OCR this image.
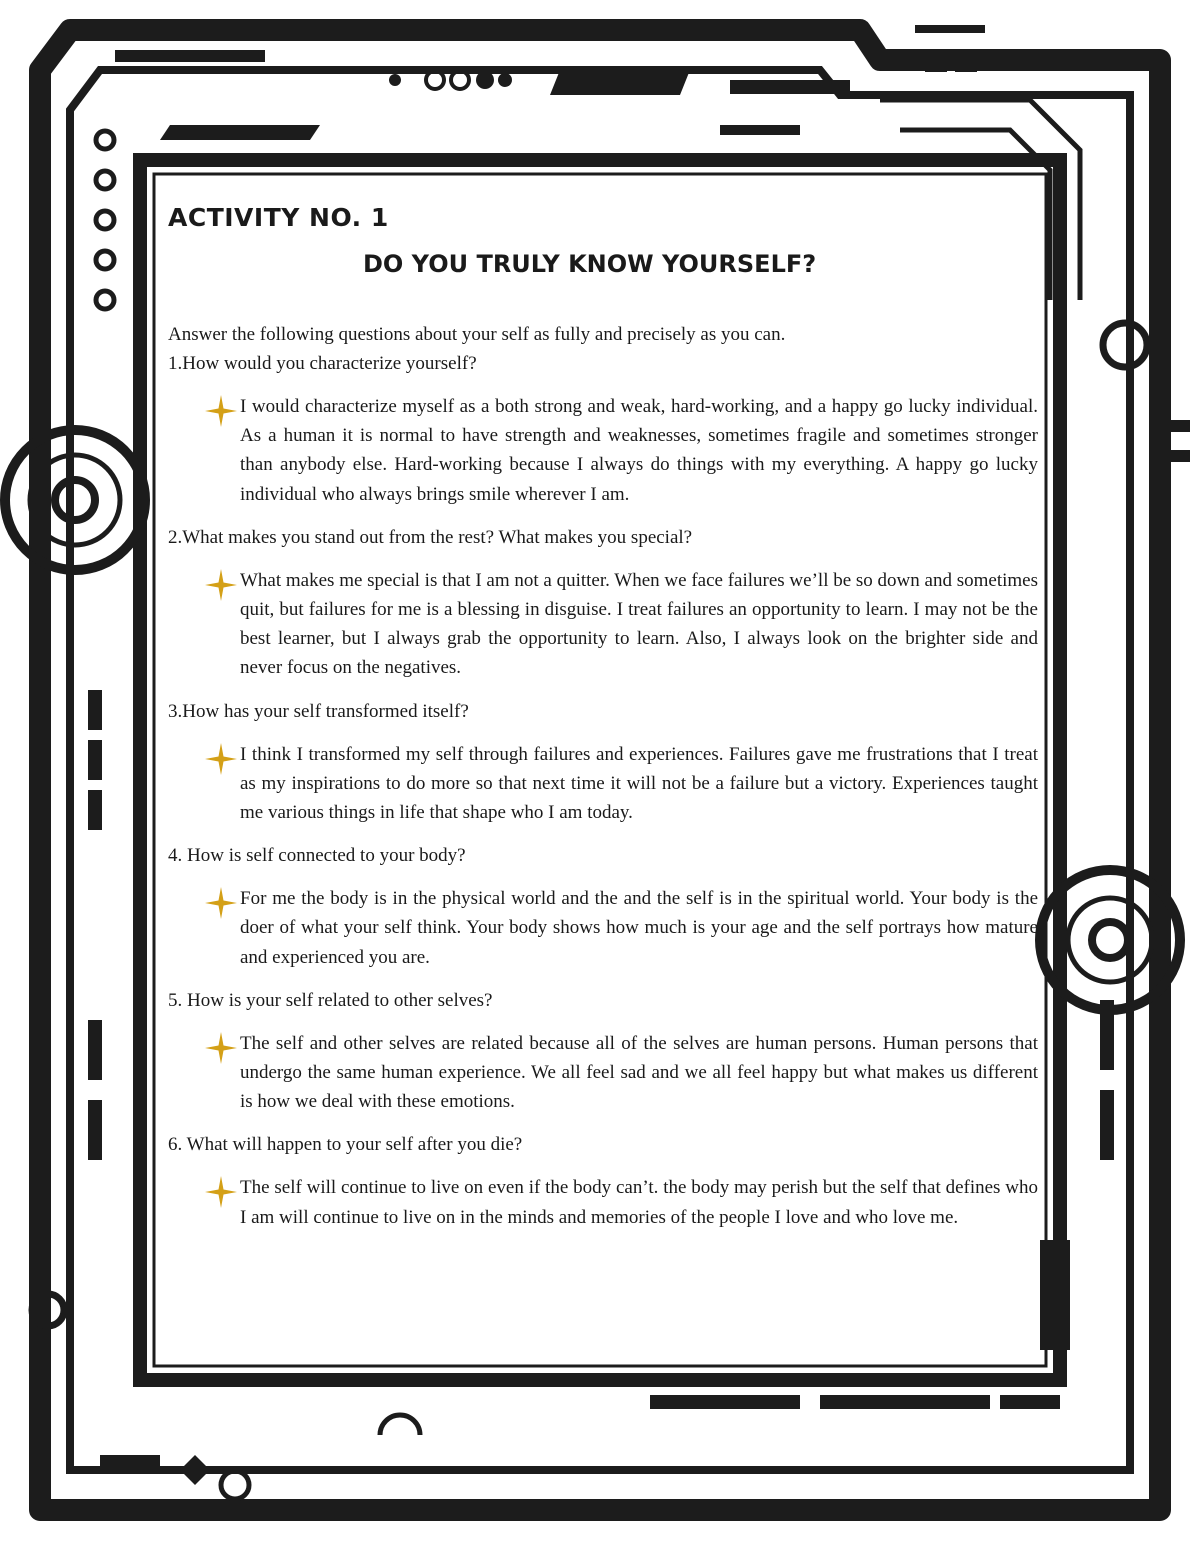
ACTIVITY NO. 1
DO YOU TRULY KNOW YOURSELF?
Answer the following questions about your self as fully and precisely as you can.
1.How would you characterize yourself?
I would characterize myself as a both strong and weak, hard-working, and a happy go lucky individual. As a human it is normal to have strength and weaknesses, sometimes fragile and sometimes stronger than anybody else. Hard-working because I always do things with my everything. A happy go lucky individual who always brings smile wherever I am.
2.What makes you stand out from the rest? What makes you special?
What makes me special is that I am not a quitter. When we face failures we’ll be so down and sometimes quit, but failures for me is a blessing in disguise. I treat failures an opportunity to learn. I may not be the best learner, but I always grab the opportunity to learn. Also, I always look on the brighter side and never focus on the negatives.
3.How has your self transformed itself?
I think I transformed my self through failures and experiences. Failures gave me frustrations that I treat as my inspirations to do more so that next time it will not be a failure but a victory. Experiences taught me various things in life that shape who I am today.
4. How is self connected to your body?
For me the body is in the physical world and the and the self is in the spiritual world. Your body is the doer of what your self think. Your body shows how much is your age and the self portrays how mature and experienced you are.
5. How is your self related to other selves?
The self and other selves are related because all of the selves are human persons. Human persons that undergo the same human experience. We all feel sad and we all feel happy but what makes us different is how we deal with these emotions.
6. What will happen to your self after you die?
The self will continue to live on even if the body can’t. the body may perish but the self that defines who I am will continue to live on in the minds and memories of the people I love and who love me.
